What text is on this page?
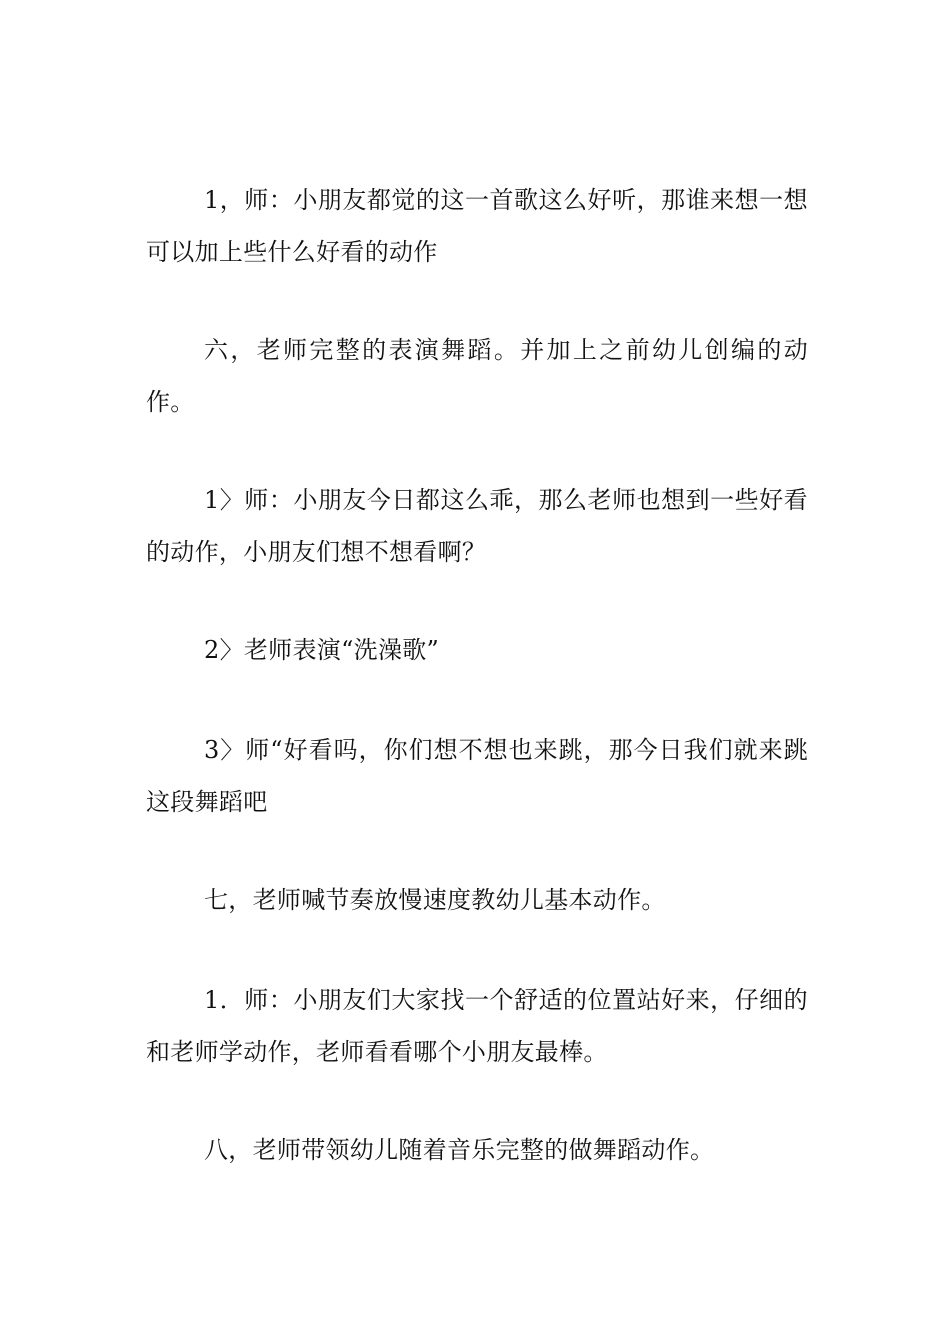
1，师：小朋友都觉的这一首歌这么好听，那谁来想一想可以加上些什么好看的动作

六，老师完整的表演舞蹈。并加上之前幼儿创编的动作。

1〉师：小朋友今日都这么乖，那么老师也想到一些好看的动作，小朋友们想不想看啊？

2〉老师表演“洗澡歌”

3〉师“好看吗，你们想不想也来跳，那今日我们就来跳这段舞蹈吧

七，老师喊节奏放慢速度教幼儿基本动作。

1．师：小朋友们大家找一个舒适的位置站好来，仔细的和老师学动作，老师看看哪个小朋友最棒。

八，老师带领幼儿随着音乐完整的做舞蹈动作。
